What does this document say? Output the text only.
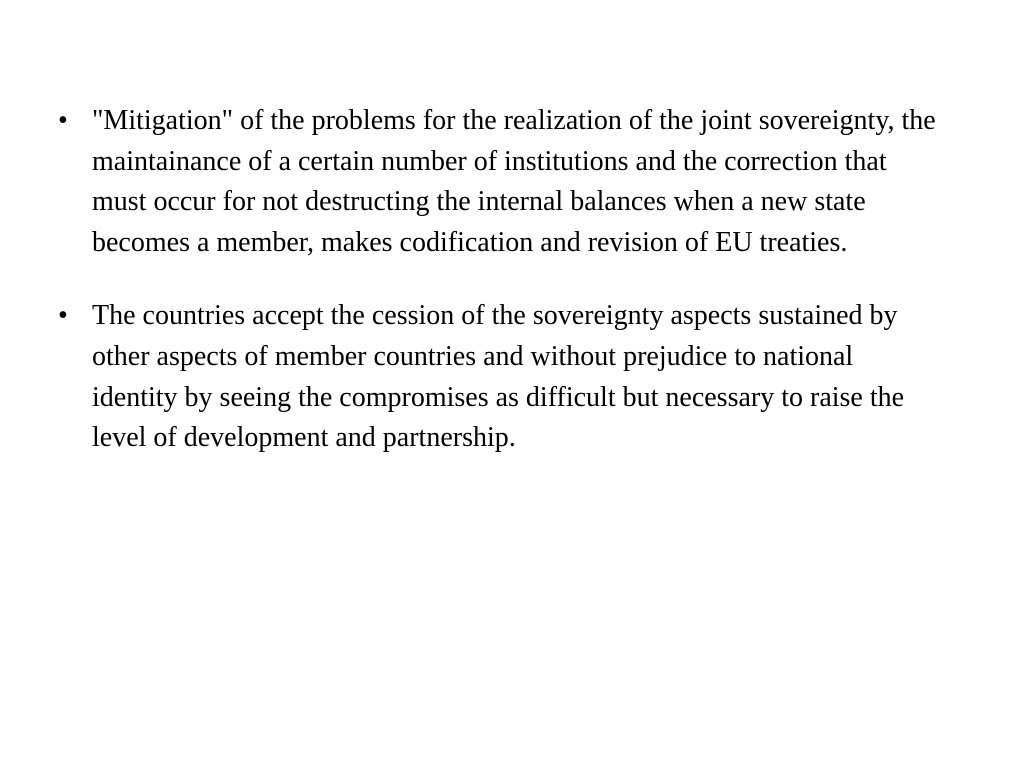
• "Mitigation" of the problems for the realization of the joint sovereignty, the maintainance of a certain number of institutions and the correction that must occur for not destructing the internal balances when a new state becomes a member, makes codification and revision of EU treaties.
• The countries accept the cession of the sovereignty aspects sustained by other aspects of member countries and without prejudice to national identity by seeing the compromises as difficult but necessary to raise the level of development and partnership.
